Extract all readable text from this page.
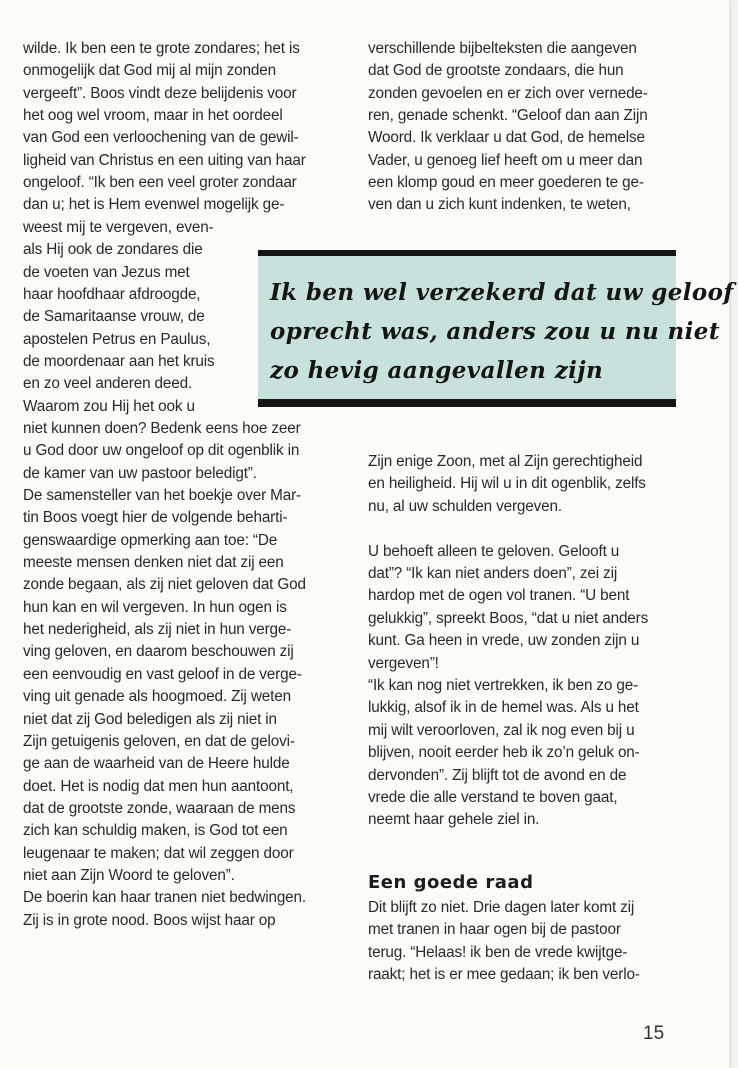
wilde. Ik ben een te grote zondares; het is
onmogelijk dat God mij al mijn zonden
vergeeft”. Boos vindt deze belijdenis voor
het oog wel vroom, maar in het oordeel
van God een verloochening van de gewil-
ligheid van Christus en een uiting van haar
ongeloof. “Ik ben een veel groter zondaar
dan u; het is Hem evenwel mogelijk ge-
weest mij te vergeven, even-
als Hij ook de zondares die
de voeten van Jezus met
haar hoofdhaar afdroogde,
de Samaritaanse vrouw, de
apostelen Petrus en Paulus,
de moordenaar aan het kruis
en zo veel anderen deed.
Waarom zou Hij het ook u
niet kunnen doen? Bedenk eens hoe zeer
u God door uw ongeloof op dit ogenblik in
de kamer van uw pastoor beledigt”.
De samensteller van het boekje over Mar-
tin Boos voegt hier de volgende beharti-
genswaardige opmerking aan toe: “De
meeste mensen denken niet dat zij een
zonde begaan, als zij niet geloven dat God
hun kan en wil vergeven. In hun ogen is
het nederigheid, als zij niet in hun verge-
ving geloven, en daarom beschouwen zij
een eenvoudig en vast geloof in de verge-
ving uit genade als hoogmoed. Zij weten
niet dat zij God beledigen als zij niet in
Zijn getuigenis geloven, en dat de gelovi-
ge aan de waarheid van de Heere hulde
doet. Het is nodig dat men hun aantoont,
dat de grootste zonde, waaraan de mens
zich kan schuldig maken, is God tot een
leugenaar te maken; dat wil zeggen door
niet aan Zijn Woord te geloven”.
De boerin kan haar tranen niet bedwingen.
Zij is in grote nood. Boos wijst haar op
verschillende bijbelteksten die aangeven
dat God de grootste zondaars, die hun
zonden gevoelen en er zich over vernede-
ren, genade schenkt. “Geloof dan aan Zijn
Woord. Ik verklaar u dat God, de hemelse
Vader, u genoeg lief heeft om u meer dan
een klomp goud en meer goederen te ge-
ven dan u zich kunt indenken, te weten,
Ik ben wel verzekerd dat uw geloof
oprecht was, anders zou u nu niet
zo hevig aangevallen zijn
Zijn enige Zoon, met al Zijn gerechtigheid
en heiligheid. Hij wil u in dit ogenblik, zelfs
nu, al uw schulden vergeven.
U behoeft alleen te geloven. Gelooft u
dat”? “Ik kan niet anders doen”, zei zij
hardop met de ogen vol tranen. “U bent
gelukkig”, spreekt Boos, “dat u niet anders
kunt. Ga heen in vrede, uw zonden zijn u
vergeven”!
“Ik kan nog niet vertrekken, ik ben zo ge-
lukkig, alsof ik in de hemel was. Als u het
mij wilt veroorloven, zal ik nog even bij u
blijven, nooit eerder heb ik zo’n geluk on-
dervonden”. Zij blijft tot de avond en de
vrede die alle verstand te boven gaat,
neemt haar gehele ziel in.
Een goede raad
Dit blijft zo niet. Drie dagen later komt zij
met tranen in haar ogen bij de pastoor
terug. “Helaas! ik ben de vrede kwijtge-
raakt; het is er mee gedaan; ik ben verlo-
15
